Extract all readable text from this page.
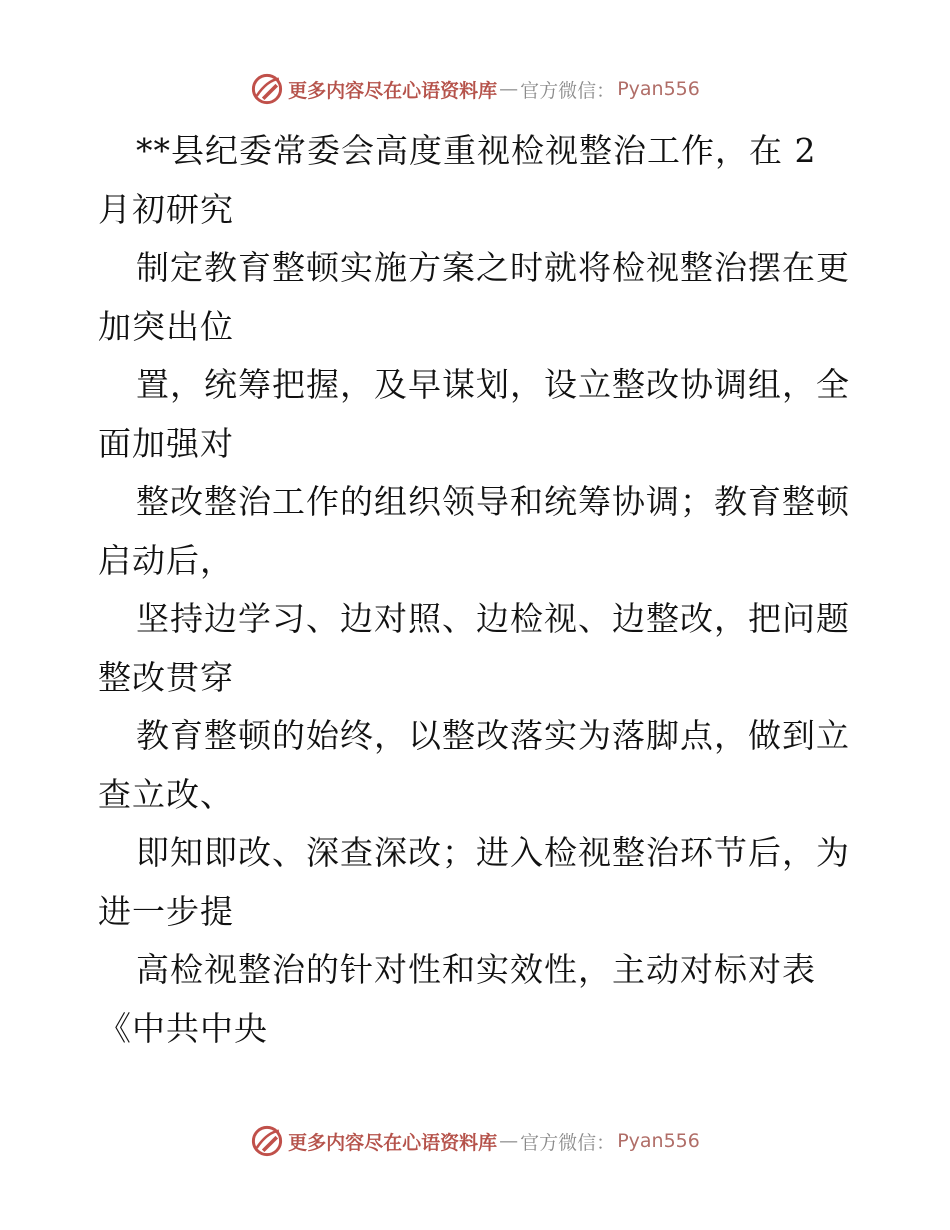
更多内容尽在心语资料库 — 官方微信： Pyan556
**县纪委常委会高度重视检视整治工作，在 2
月初研究
制定教育整顿实施方案之时就将检视整治摆在更
加突出位
置，统筹把握，及早谋划，设立整改协调组，全
面加强对
整改整治工作的组织领导和统筹协调；教育整顿
启动后，
坚持边学习、边对照、边检视、边整改，把问题
整改贯穿
教育整顿的始终，以整改落实为落脚点，做到立
查立改、
即知即改、深查深改；进入检视整治环节后，为
进一步提
高检视整治的针对性和实效性，主动对标对表
《中共中央
更多内容尽在心语资料库 — 官方微信： Pyan556
